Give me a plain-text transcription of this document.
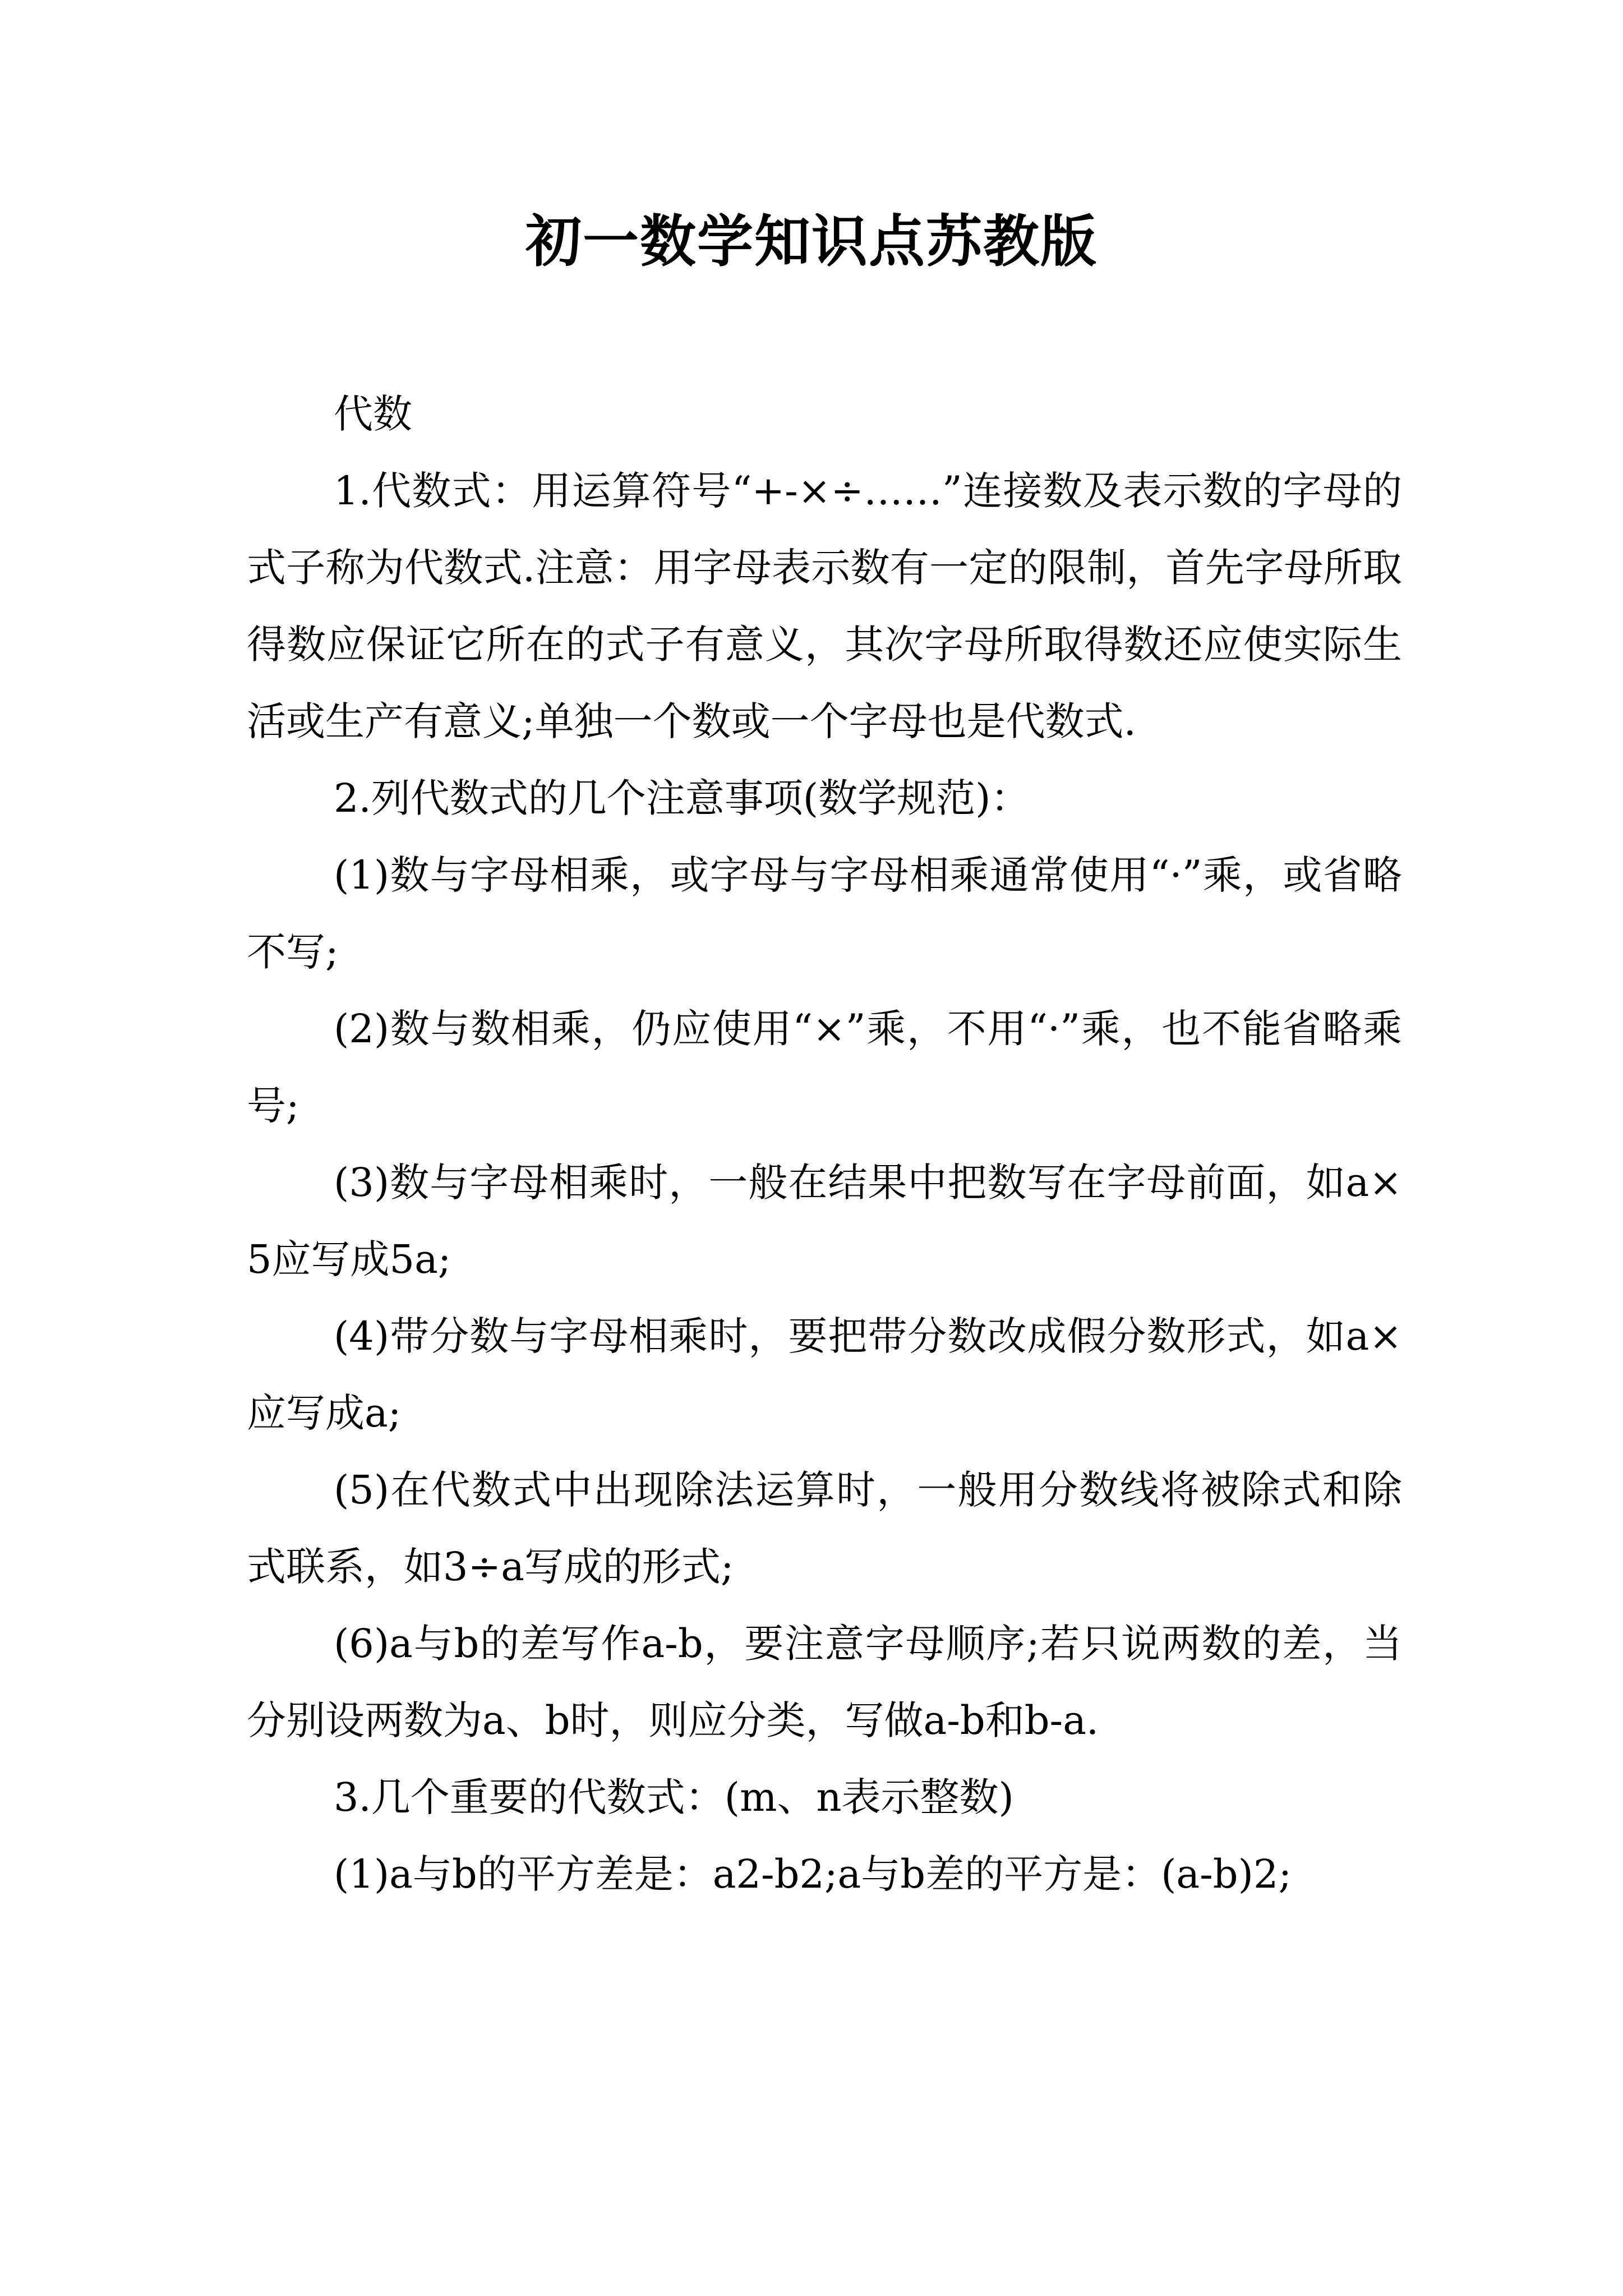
初一数学知识点苏教版

代数

1.代数式：用运算符号“+-×÷……”连接数及表示数的字母的式子称为代数式.注意：用字母表示数有一定的限制，首先字母所取得数应保证它所在的式子有意义，其次字母所取得数还应使实际生活或生产有意义;单独一个数或一个字母也是代数式.

2.列代数式的几个注意事项(数学规范)：

(1)数与字母相乘，或字母与字母相乘通常使用“·”乘，或省略不写;

(2)数与数相乘，仍应使用“×”乘，不用“·”乘，也不能省略乘号;

(3)数与字母相乘时，一般在结果中把数写在字母前面，如a×5应写成5a;

(4)带分数与字母相乘时，要把带分数改成假分数形式，如a×应写成a;

(5)在代数式中出现除法运算时，一般用分数线将被除式和除式联系，如3÷a写成的形式;

(6)a与b的差写作a-b，要注意字母顺序;若只说两数的差，当分别设两数为a、b时，则应分类，写做a-b和b-a.

3.几个重要的代数式：(m、n表示整数)

(1)a与b的平方差是：a2-b2;a与b差的平方是：(a-b)2;
